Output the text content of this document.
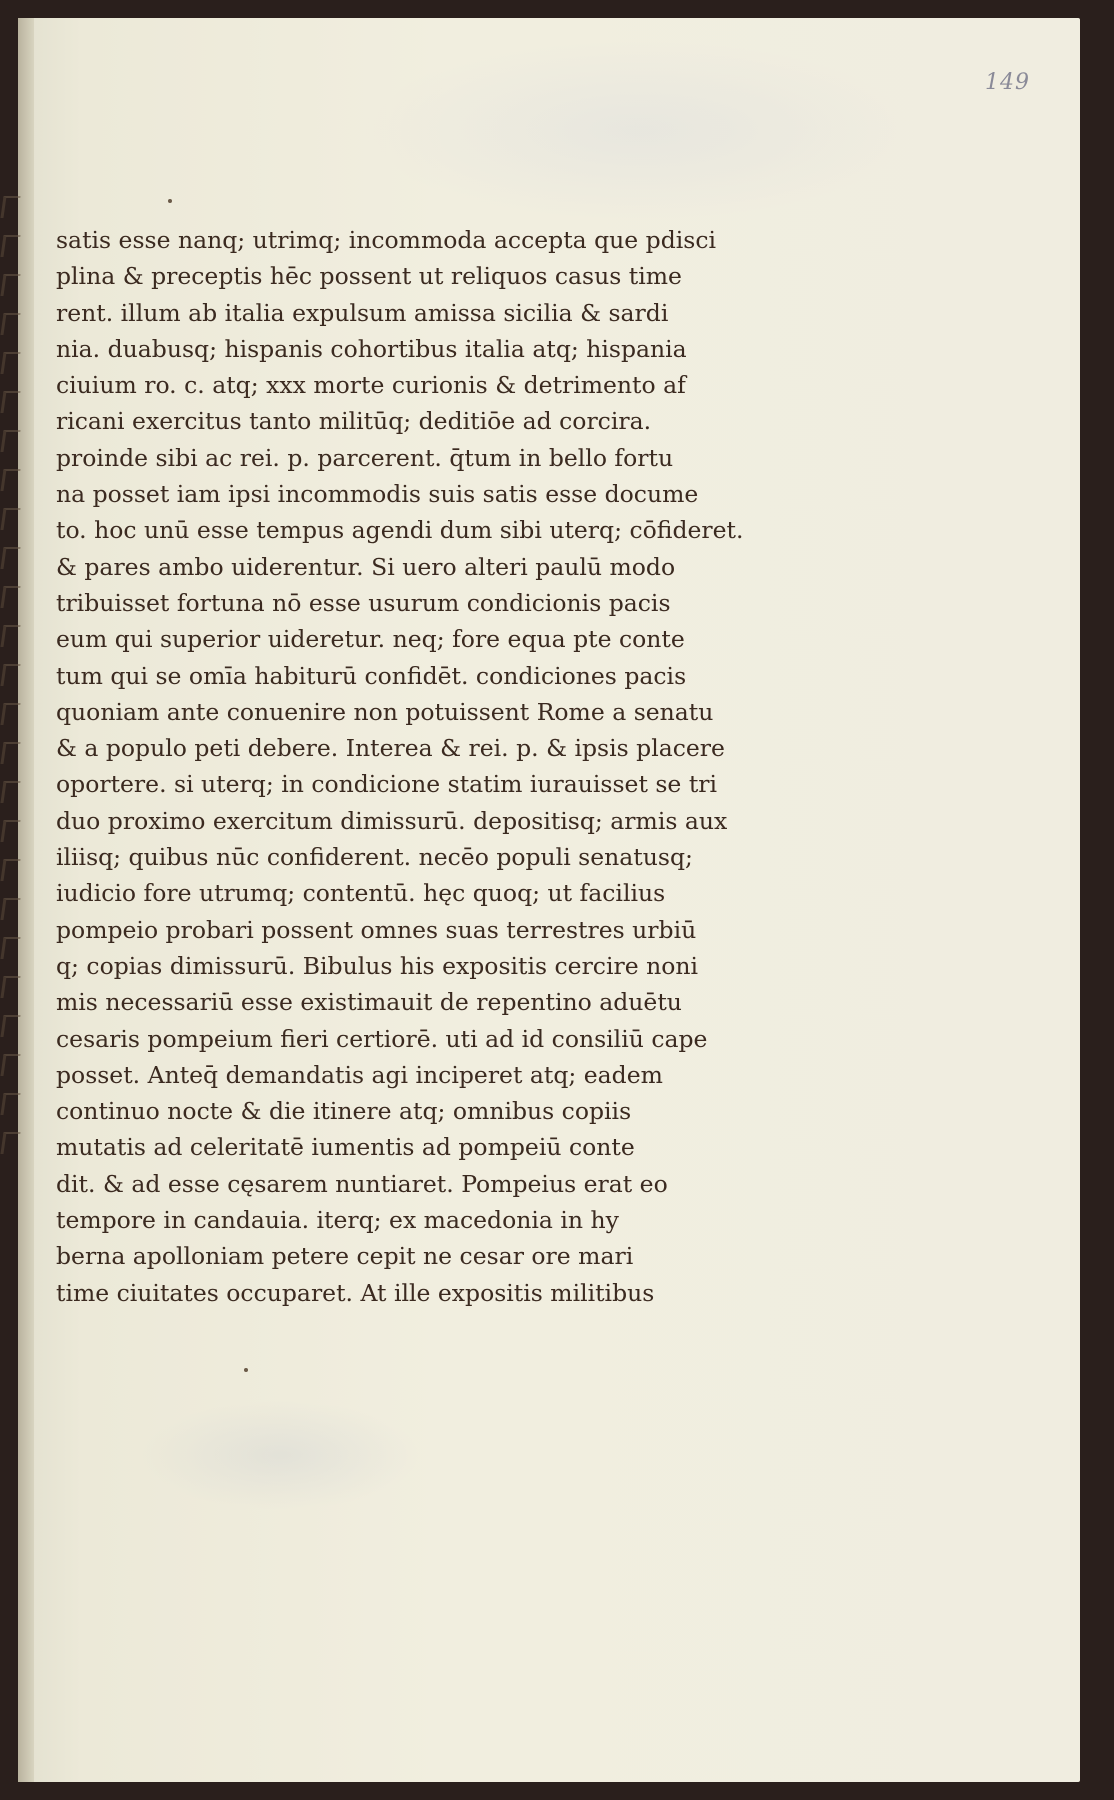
149
satis esse nanq; utrimq; incommoda accepta que pdisci
plina & preceptis hēc possent ut reliquos casus time
rent. illum ab italia expulsum amissa sicilia & sardi
nia. duabusq; hispanis cohortibus italia atq; hispania
ciuium ro. c. atq; xxx morte curionis & detrimento af
ricani exercitus tanto militūq; deditiōe ad corcira.
proinde sibi ac rei. p. parcerent. q̄tum in bello fortu
na posset iam ipsi incommodis suis satis esse docume
to. hoc unū esse tempus agendi dum sibi uterq; cōfideret.
& pares ambo uiderentur. Si uero alteri paulū modo
tribuisset fortuna nō esse usurum condicionis pacis
eum qui superior uideretur. neq; fore equa pte conte
tum qui se omīa habiturū confidēt. condiciones pacis
quoniam ante conuenire non potuissent Rome a senatu
& a populo peti debere. Interea & rei. p. & ipsis placere
oportere. si uterq; in condicione statim iurauisset se tri
duo proximo exercitum dimissurū. depositisq; armis aux
iliisq; quibus nūc confiderent. necēo populi senatusq;
iudicio fore utrumq; contentū. hęc quoq; ut facilius
pompeio probari possent omnes suas terrestres urbiū
q; copias dimissurū. Bibulus his expositis cercire noni
mis necessariū esse existimauit de repentino aduētu
cesaris pompeium fieri certiorē. uti ad id consiliū cape
posset. Anteq̄ demandatis agi inciperet atq; eadem
continuo nocte & die itinere atq; omnibus copiis
mutatis ad celeritatē iumentis ad pompeiū conte
dit. & ad esse cęsarem nuntiaret. Pompeius erat eo
tempore in candauia. iterq; ex macedonia in hy
berna apolloniam petere cepit ne cesar ore mari
time ciuitates occuparet. At ille expositis militibus
